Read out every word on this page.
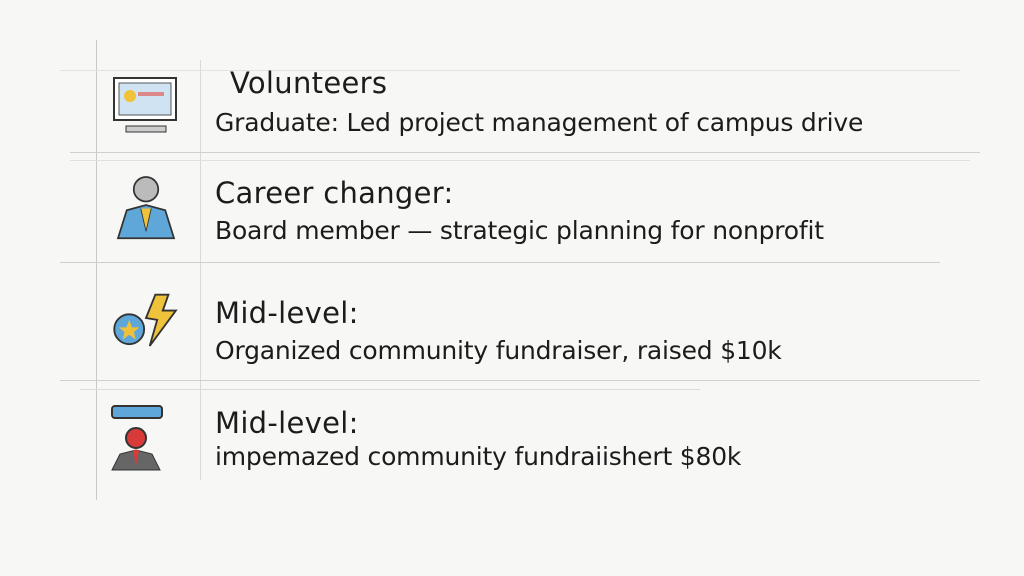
Volunteers
Graduate: Led project management of campus drive
Career changer:
Board member — strategic planning for nonprofit
Mid-level:
Organized community fundraiser, raised $10k
Mid-level:
impemazed community fundraiishert $80k
